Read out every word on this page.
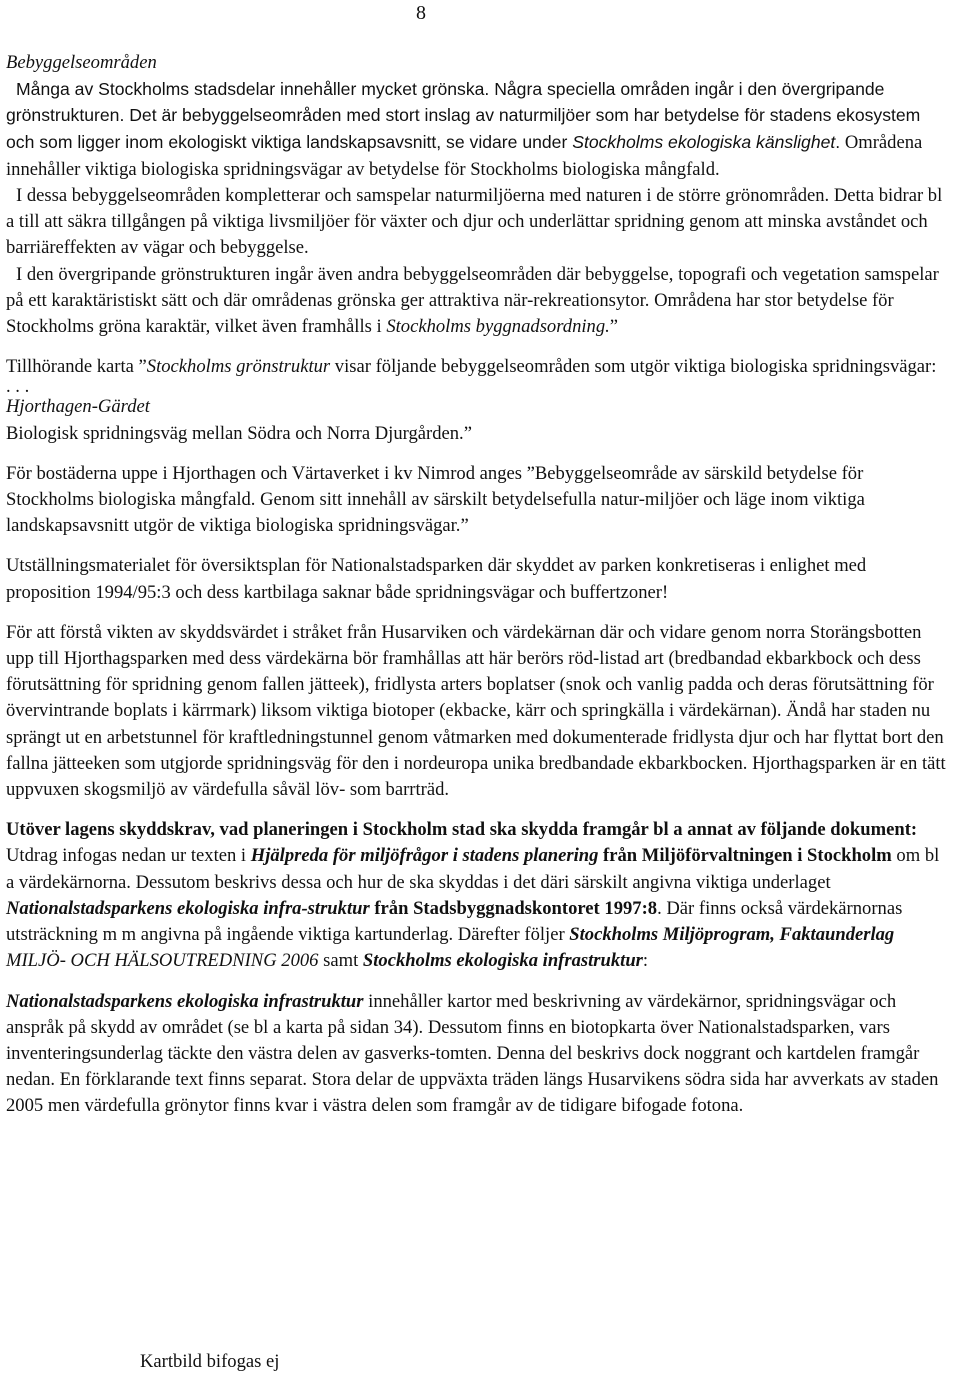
8

Bebyggelseområden

Många av Stockholms stadsdelar innehåller mycket grönska. Några speciella områden ingår i den övergripande grönstrukturen. Det är bebyggelseområden med stort inslag av naturmiljöer som har betydelse för stadens ekosystem och som ligger inom ekologiskt viktiga landskapsavsnitt, se vidare under Stockholms ekologiska känslighet. Områdena innehåller viktiga biologiska spridningsvägar av betydelse för Stockholms biologiska mångfald.

I dessa bebyggelseområden kompletterar och samspelar naturmiljöerna med naturen i de större grönområden. Detta bidrar bl a till att säkra tillgången på viktiga livsmiljöer för växter och djur och underlättar spridning genom att minska avståndet och barriäreffekten av vägar och bebyggelse.

I den övergripande grönstrukturen ingår även andra bebyggelseområden där bebyggelse, topografi och vegetation samspelar på ett karaktäristiskt sätt och där områdenas grönska ger attraktiva när-rekreationsytor. Områdena har stor betydelse för Stockholms gröna karaktär, vilket även framhålls i Stockholms byggnadsordning.”

Tillhörande karta ”Stockholms grönstruktur visar följande bebyggelseområden som utgör viktiga biologiska spridningsvägar:

. . .

Hjorthagen-Gärdet

Biologisk spridningsväg mellan Södra och Norra Djurgården.”

För bostäderna uppe i Hjorthagen och Värtaverket i kv Nimrod anges ”Bebyggelseområde av särskild betydelse för Stockholms biologiska mångfald. Genom sitt innehåll av särskilt betydelsefulla natur-miljöer och läge inom viktiga landskapsavsnitt utgör de viktiga biologiska spridningsvägar.”

Utställningsmaterialet för översiktsplan för Nationalstadsparken där skyddet av parken konkretiseras i enlighet med proposition 1994/95:3 och dess kartbilaga saknar både spridningsvägar och buffertzoner!

För att förstå vikten av skyddsvärdet i stråket från Husarviken och värdekärnan där och vidare genom norra Storängsbotten upp till Hjorthagsparken med dess värdekärna bör framhållas att här berörs röd-listad art (bredbandad ekbarkbock och dess förutsättning för spridning genom fallen jätteek), fridlysta arters boplatser (snok och vanlig padda och deras förutsättning för övervintrande boplats i kärrmark) liksom viktiga biotoper (ekbacke, kärr och springkälla i värdekärnan). Ändå har staden nu sprängt ut en arbetstunnel för kraftledningstunnel genom våtmarken med dokumenterade fridlysta djur och har flyttat bort den fallna jätteeken som utgjorde spridningsväg för den i nordeuropa unika bredbandade ekbarkbocken. Hjorthagsparken är en tätt uppvuxen skogsmiljö av värdefulla såväl löv- som barrträd.

Utöver lagens skyddskrav, vad planeringen i Stockholm stad ska skydda framgår bl a annat av följande dokument: Utdrag infogas nedan ur texten i Hjälpreda för miljöfrågor i stadens planering från Miljöförvaltningen i Stockholm om bl a värdekärnorna. Dessutom beskrivs dessa och hur de ska skyddas i det däri särskilt angivna viktiga underlaget Nationalstadsparkens ekologiska infra-struktur från Stadsbyggnadskontoret 1997:8. Där finns också värdekärnornas utsträckning m m angivna på ingående viktiga kartunderlag. Därefter följer Stockholms Miljöprogram, Faktaunderlag MILJÖ- OCH HÄLSOUTREDNING 2006 samt Stockholms ekologiska infrastruktur:

Nationalstadsparkens ekologiska infrastruktur innehåller kartor med beskrivning av värdekärnor, spridningsvägar och anspråk på skydd av området (se bl a karta på sidan 34). Dessutom finns en biotopkarta över Nationalstadsparken, vars inventeringsunderlag täckte den västra delen av gasverks-tomten. Denna del beskrivs dock noggrant och kartdelen framgår nedan. En förklarande text finns separat. Stora delar de uppväxta träden längs Husarvikens södra sida har avverkats av staden 2005 men värdefulla grönytor finns kvar i västra delen som framgår av de tidigare bifogade fotona.

Kartbild bifogas ej
